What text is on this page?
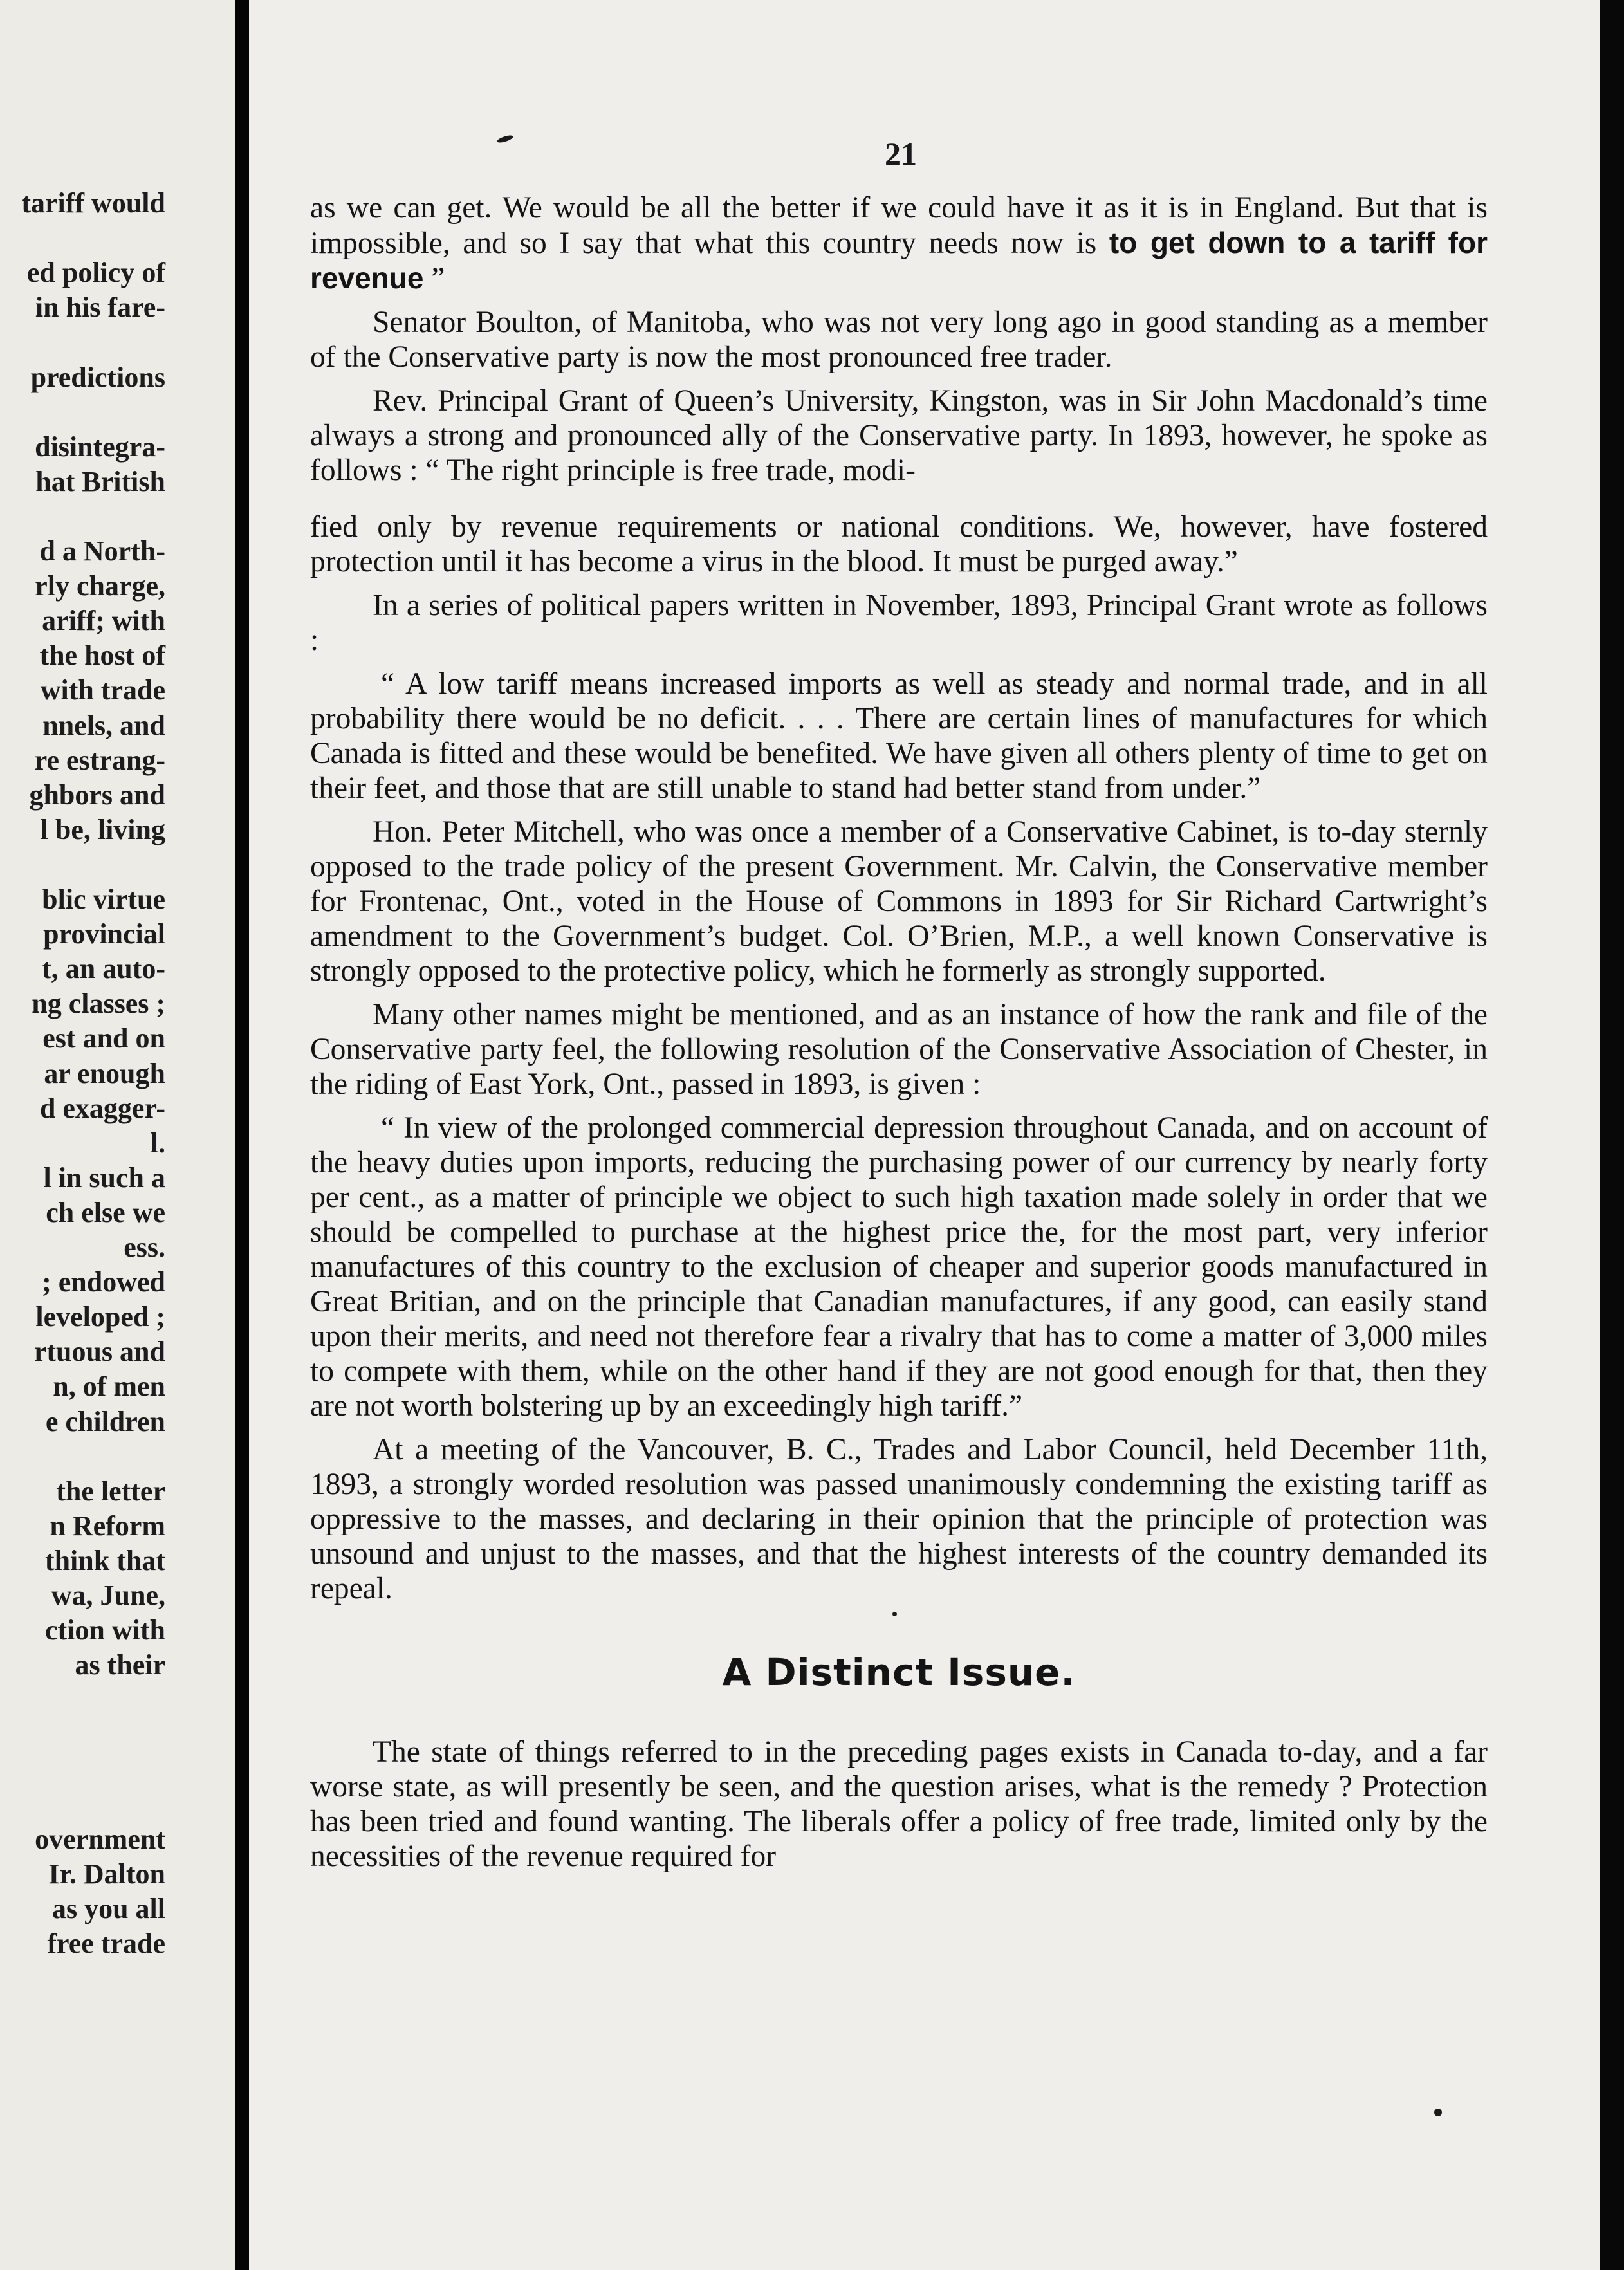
tariff would
ed policy of
in his fare-
predictions
disintegra-
hat British
d a North-
rly charge,
ariff; with
the host of
with trade
nnels, and
re estrang-
ghbors and
l be, living
blic virtue
provincial
t, an auto-
ng classes ;
est and on
ar enough
d exagger-
l.
l in such a
ch else we
ess.
; endowed
leveloped ;
rtuous and
n, of men
e children
the letter
n Reform
think that
wa, June,
ction with
as their
overnment
Ir. Dalton
as you all
free trade
21

as we can get. We would be all the better if we could have it as it is in England. But that is impossible, and so I say that what this country needs now is to get down to a tariff for revenue ”

Senator Boulton, of Manitoba, who was not very long ago in good standing as a member of the Conservative party is now the most pronounced free trader.

Rev. Principal Grant of Queen’s University, Kingston, was in Sir John Macdonald’s time always a strong and pronounced ally of the Conservative party. In 1893, however, he spoke as follows : “ The right principle is free trade, modi-

fied only by revenue requirements or national conditions. We, however, have fostered protection until it has become a virus in the blood. It must be purged away.”

In a series of political papers written in November, 1893, Principal Grant wrote as follows :

“ A low tariff means increased imports as well as steady and normal trade, and in all probability there would be no deficit. . . . There are certain lines of manufactures for which Canada is fitted and these would be benefited. We have given all others plenty of time to get on their feet, and those that are still unable to stand had better stand from under.”

Hon. Peter Mitchell, who was once a member of a Conservative Cabinet, is to-day sternly opposed to the trade policy of the present Government. Mr. Calvin, the Conservative member for Frontenac, Ont., voted in the House of Commons in 1893 for Sir Richard Cartwright’s amendment to the Government’s budget. Col. O’Brien, M.P., a well known Conservative is strongly opposed to the protective policy, which he formerly as strongly supported.

Many other names might be mentioned, and as an instance of how the rank and file of the Conservative party feel, the following resolution of the Conservative Association of Chester, in the riding of East York, Ont., passed in 1893, is given :

“ In view of the prolonged commercial depression throughout Canada, and on account of the heavy duties upon imports, reducing the purchasing power of our currency by nearly forty per cent., as a matter of principle we object to such high taxation made solely in order that we should be compelled to purchase at the highest price the, for the most part, very inferior manufactures of this country to the exclusion of cheaper and superior goods manufactured in Great Britian, and on the principle that Canadian manufactures, if any good, can easily stand upon their merits, and need not therefore fear a rivalry that has to come a matter of 3,000 miles to compete with them, while on the other hand if they are not good enough for that, then they are not worth bolstering up by an exceedingly high tariff.”

At a meeting of the Vancouver, B. C., Trades and Labor Council, held December 11th, 1893, a strongly worded resolution was passed unanimously condemning the existing tariff as oppressive to the masses, and declaring in their opinion that the principle of protection was unsound and unjust to the masses, and that the highest interests of the country demanded its repeal.

A Distinct Issue.

The state of things referred to in the preceding pages exists in Canada to-day, and a far worse state, as will presently be seen, and the question arises, what is the remedy ? Protection has been tried and found wanting. The liberals offer a policy of free trade, limited only by the necessities of the revenue required for
